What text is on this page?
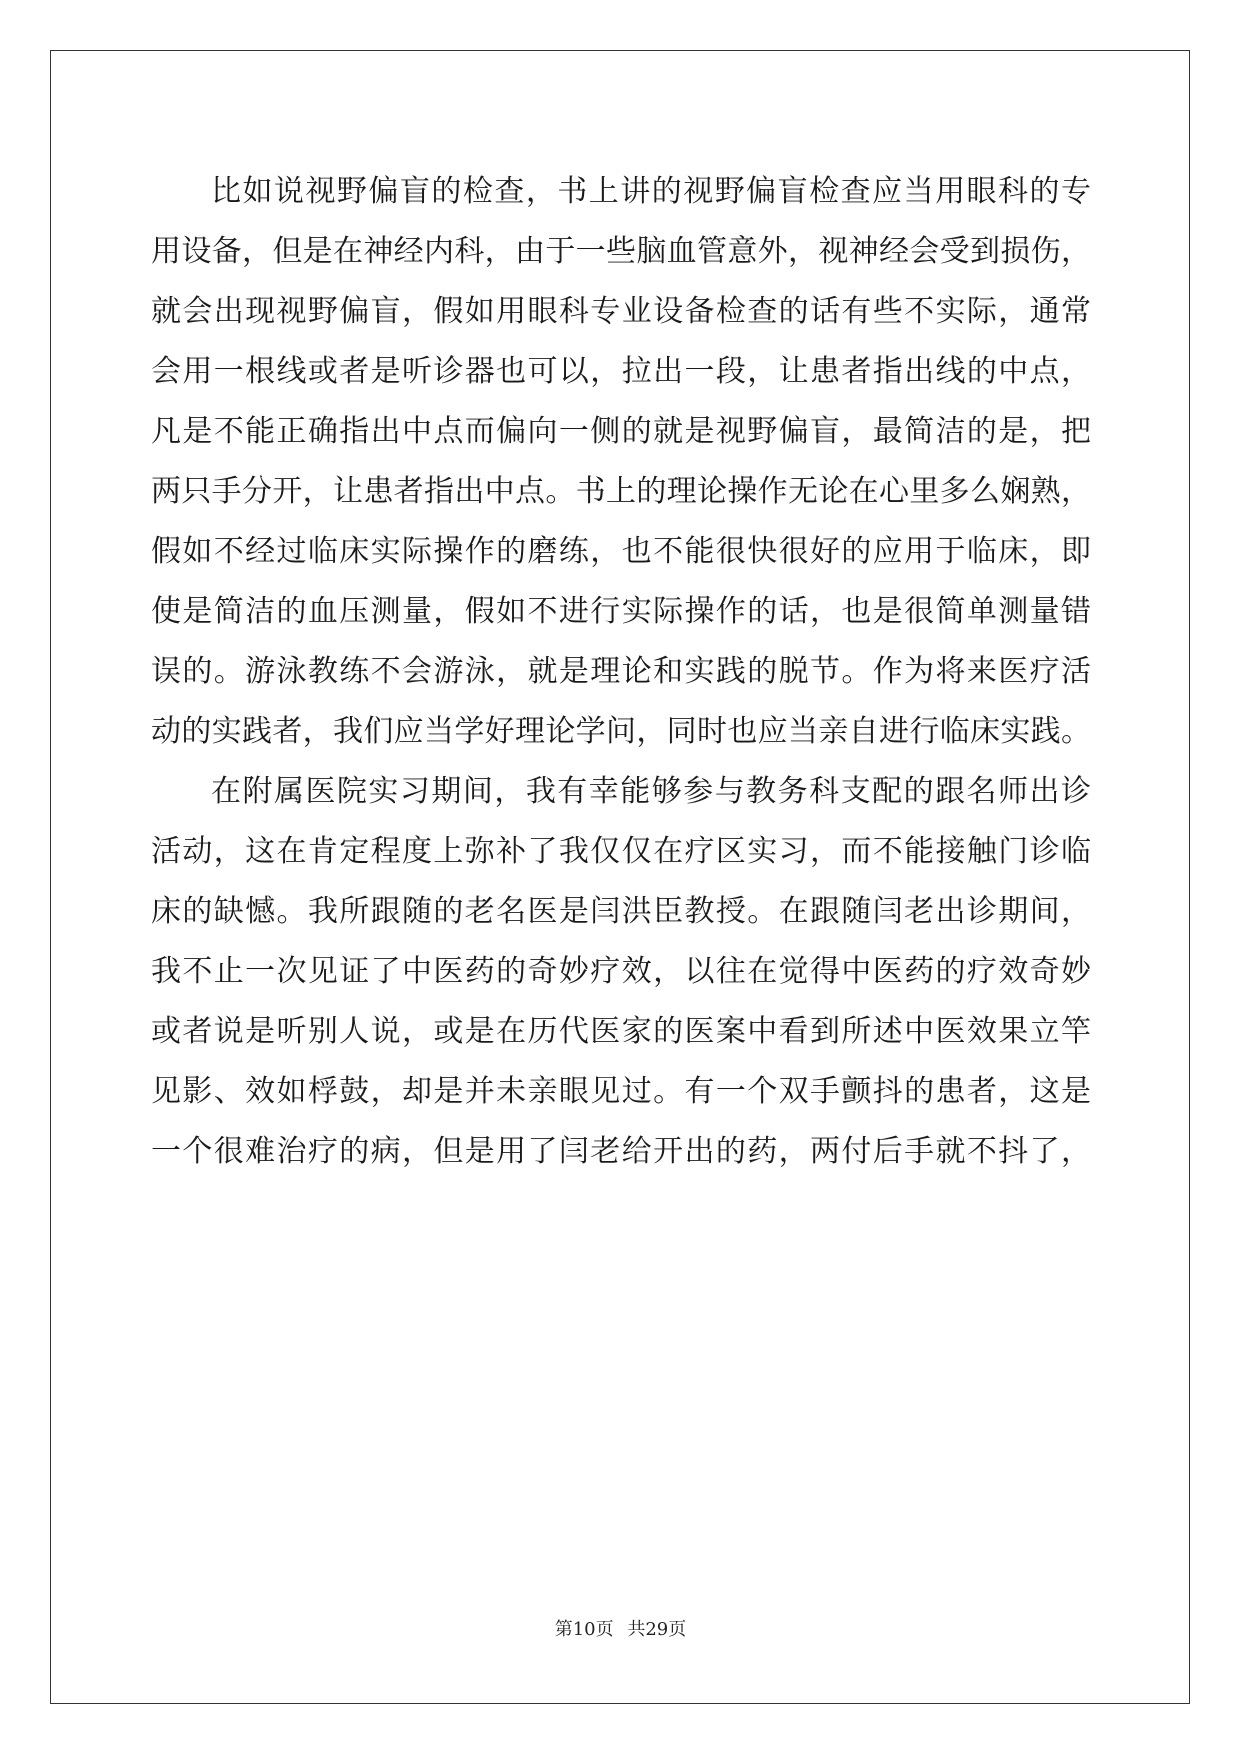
比如说视野偏盲的检查，书上讲的视野偏盲检查应当用眼科的专
用设备，但是在神经内科，由于一些脑血管意外，视神经会受到损伤，
就会出现视野偏盲，假如用眼科专业设备检查的话有些不实际，通常
会用一根线或者是听诊器也可以，拉出一段，让患者指出线的中点，
凡是不能正确指出中点而偏向一侧的就是视野偏盲，最简洁的是，把
两只手分开，让患者指出中点。书上的理论操作无论在心里多么娴熟，
假如不经过临床实际操作的磨练，也不能很快很好的应用于临床，即
使是简洁的血压测量，假如不进行实际操作的话，也是很简单测量错
误的。游泳教练不会游泳，就是理论和实践的脱节。作为将来医疗活
动的实践者，我们应当学好理论学问，同时也应当亲自进行临床实践。
在附属医院实习期间，我有幸能够参与教务科支配的跟名师出诊
活动，这在肯定程度上弥补了我仅仅在疗区实习，而不能接触门诊临
床的缺憾。我所跟随的老名医是闫洪臣教授。在跟随闫老出诊期间，
我不止一次见证了中医药的奇妙疗效，以往在觉得中医药的疗效奇妙
或者说是听别人说，或是在历代医家的医案中看到所述中医效果立竿
见影、效如桴鼓，却是并未亲眼见过。有一个双手颤抖的患者，这是
一个很难治疗的病，但是用了闫老给开出的药，两付后手就不抖了，
第10页 共29页
